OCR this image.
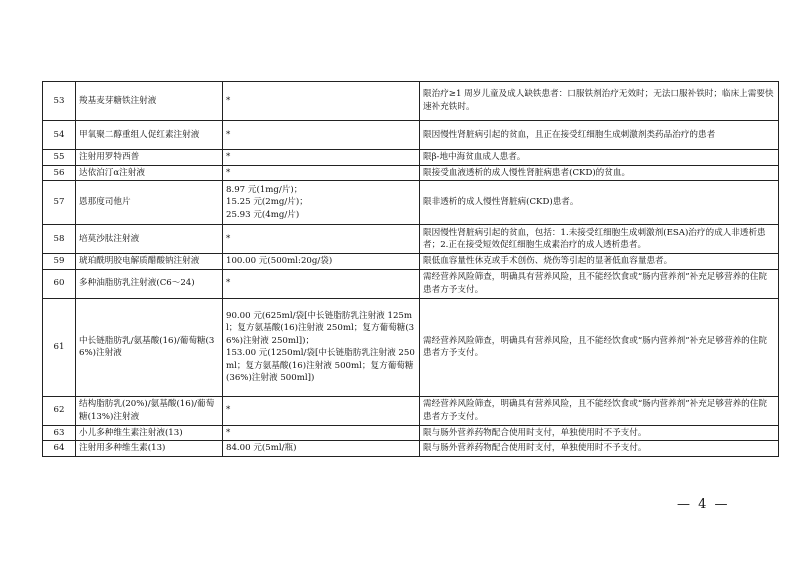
53	羧基麦芽糖铁注射液	*	限治疗≥1 周岁儿童及成人缺铁患者：口服铁剂治疗无效时；无法口服补铁时；临床上需要快速补充铁时。
54	甲氧聚二醇重组人促红素注射液	*	限因慢性肾脏病引起的贫血，且正在接受红细胞生成刺激剂类药品治疗的患者
55	注射用罗特西普	*	限β-地中海贫血成人患者。
56	达依泊汀α注射液	*	限接受血液透析的成人慢性肾脏病患者(CKD)的贫血。
57	恩那度司他片	8.97 元(1mg/片)；
15.25 元(2mg/片)；
25.93 元(4mg/片)	限非透析的成人慢性肾脏病(CKD)患者。
58	培莫沙肽注射液	*	限因慢性肾脏病引起的贫血，包括：1.未接受红细胞生成刺激剂(ESA)治疗的成人非透析患者；2.正在接受短效促红细胞生成素治疗的成人透析患者。
59	琥珀酰明胶电解质醋酸钠注射液	100.00 元(500ml:20g/袋)	限低血容量性休克或手术创伤、烧伤等引起的显著低血容量患者。
60	多种油脂肪乳注射液(C6～24)	*	需经营养风险筛查，明确具有营养风险，且不能经饮食或“肠内营养剂”补充足够营养的住院患者方予支付。
61	中长链脂肪乳/氨基酸(16)/葡萄糖(36%)注射液	90.00 元(625ml/袋[中长链脂肪乳注射液 125ml；复方氨基酸(16)注射液 250ml；复方葡萄糖(36%)注射液 250ml])；
153.00 元(1250ml/袋[中长链脂肪乳注射液 250ml；复方氨基酸(16)注射液 500ml；复方葡萄糖(36%)注射液 500ml])	需经营养风险筛查，明确具有营养风险，且不能经饮食或“肠内营养剂”补充足够营养的住院患者方予支付。
62	结构脂肪乳(20%)/氨基酸(16)/葡萄糖(13%)注射液	*	需经营养风险筛查，明确具有营养风险，且不能经饮食或“肠内营养剂”补充足够营养的住院患者方予支付。
63	小儿多种维生素注射液(13)	*	限与肠外营养药物配合使用时支付，单独使用时不予支付。
64	注射用多种维生素(13)	84.00 元(5ml/瓶)	限与肠外营养药物配合使用时支付，单独使用时不予支付。
— 4 —
